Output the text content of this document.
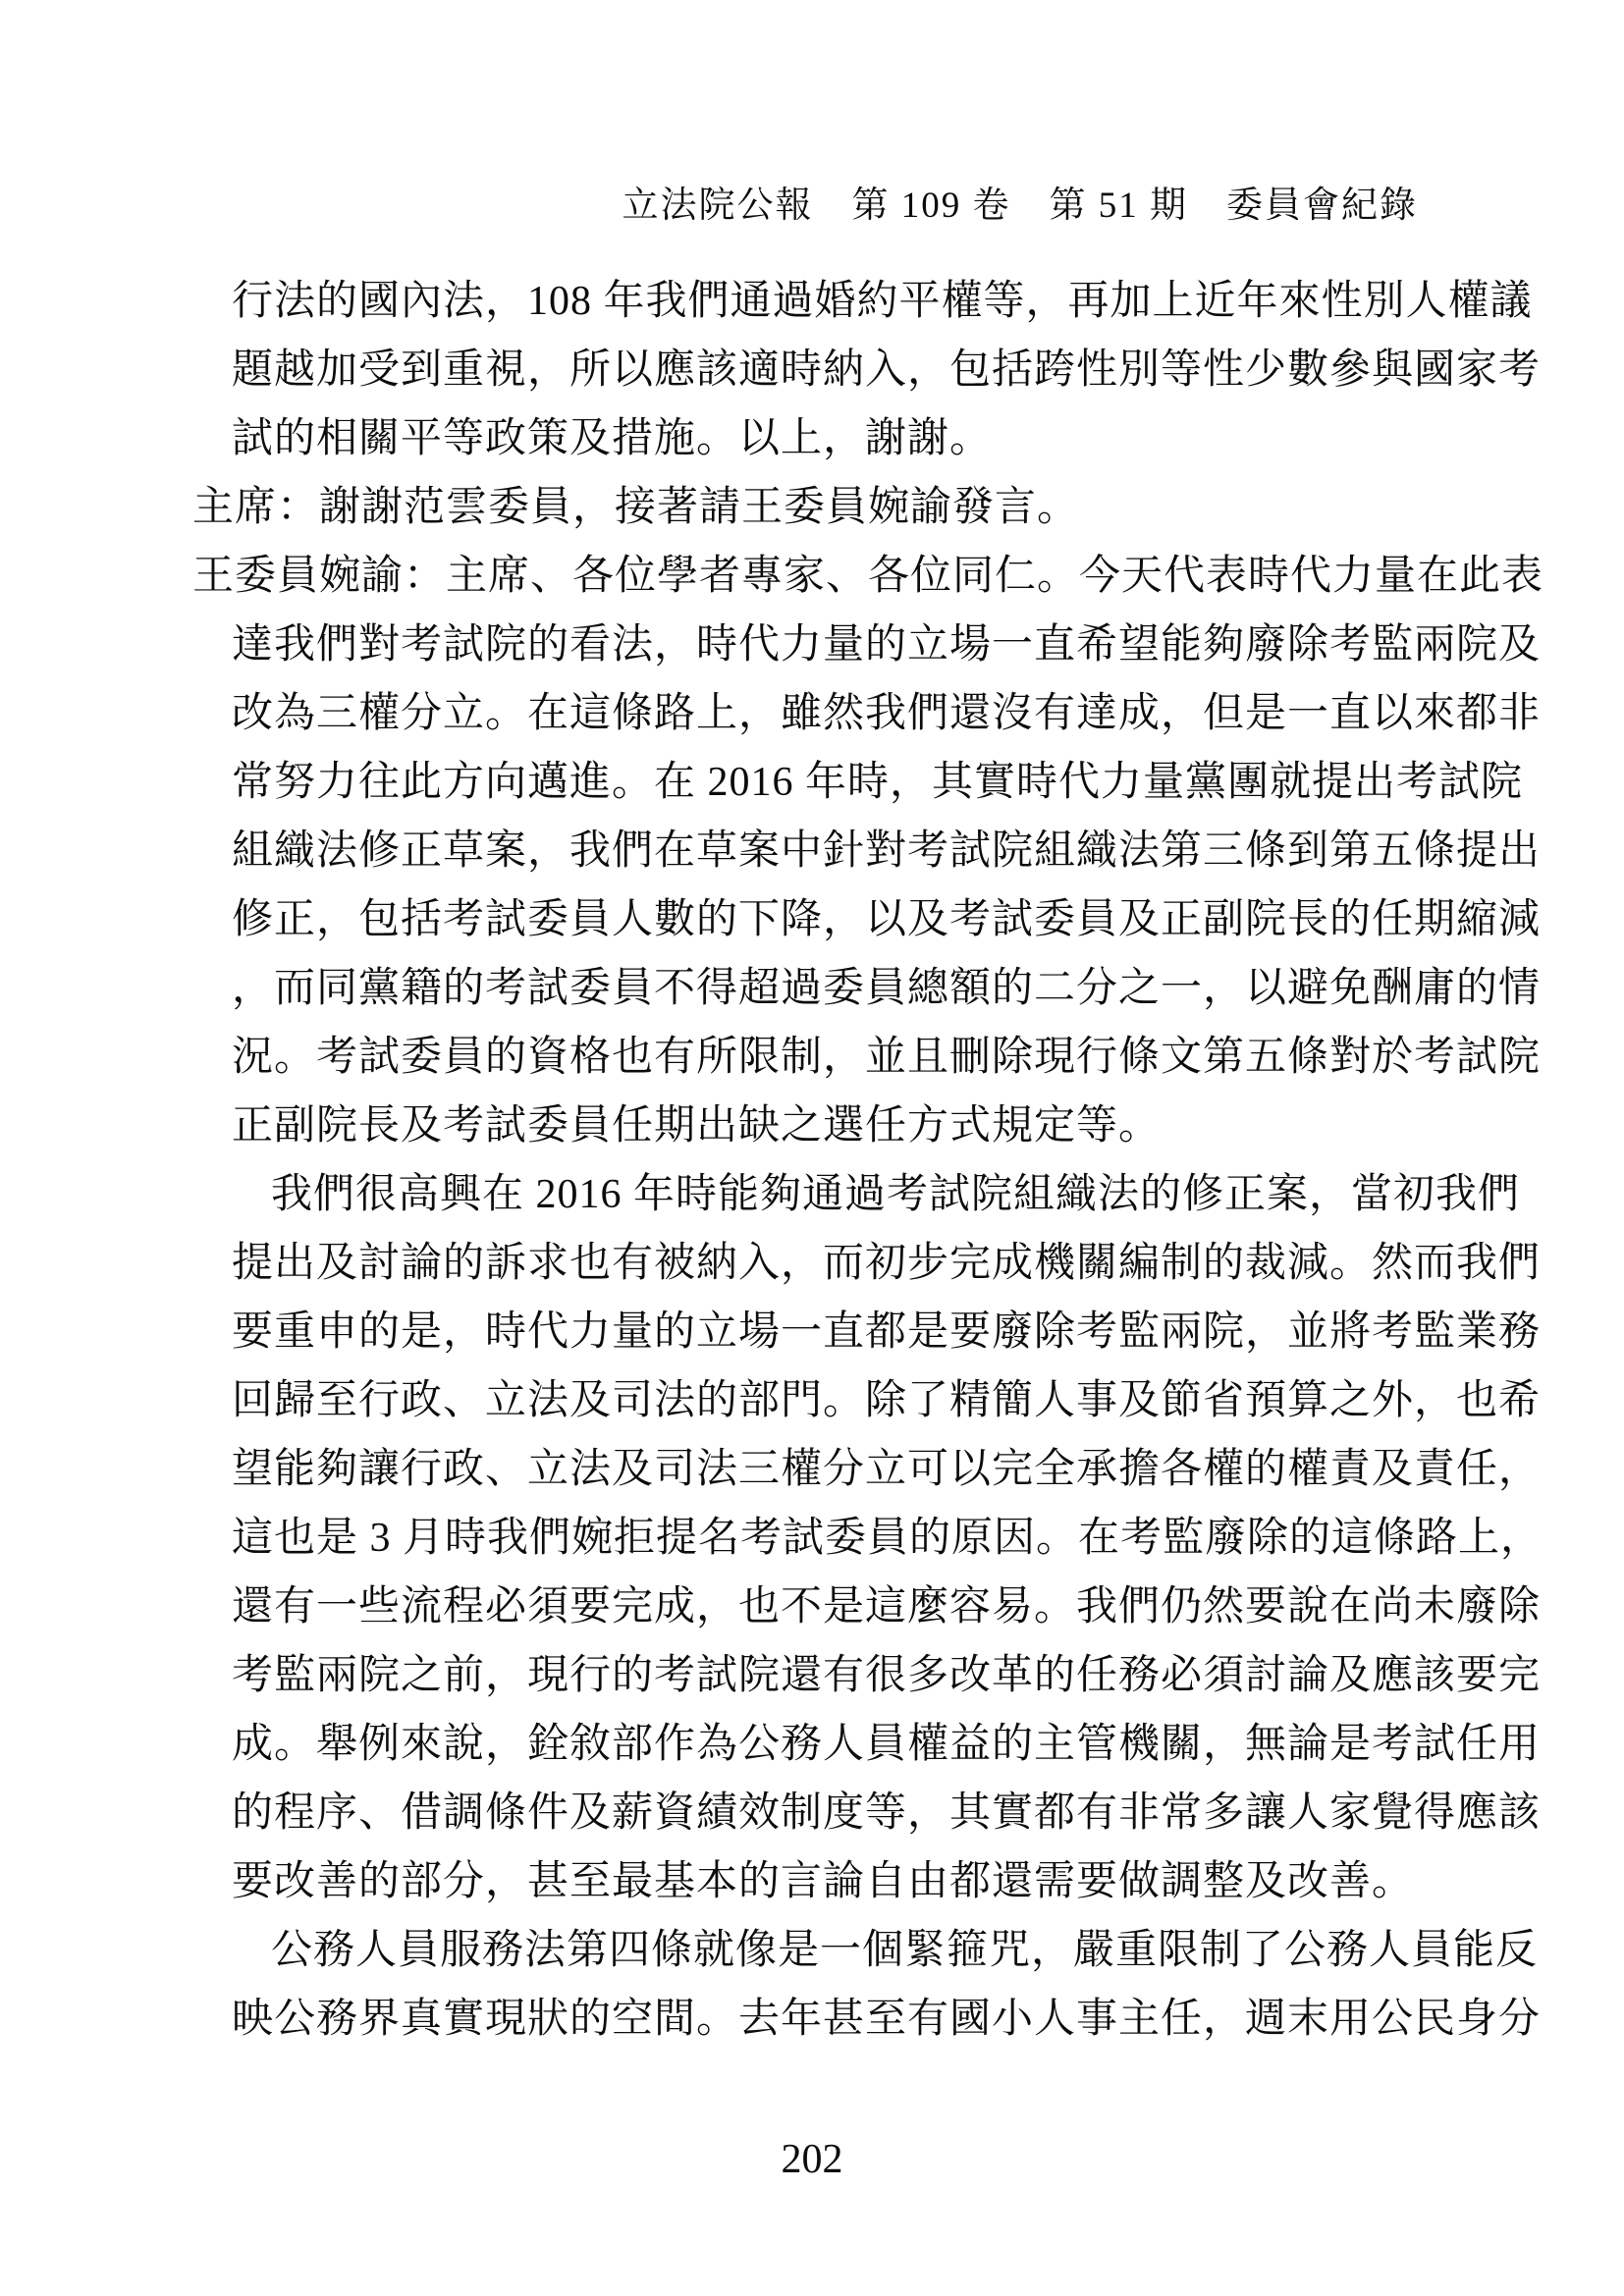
立法院公報　第 109 卷　第 51 期　委員會紀錄
行法的國內法，108 年我們通過婚約平權等，再加上近年來性別人權議
題越加受到重視，所以應該適時納入，包括跨性別等性少數參與國家考
試的相關平等政策及措施。以上，謝謝。
主席：謝謝范雲委員，接著請王委員婉諭發言。
王委員婉諭：主席、各位學者專家、各位同仁。今天代表時代力量在此表
達我們對考試院的看法，時代力量的立場一直希望能夠廢除考監兩院及
改為三權分立。在這條路上，雖然我們還沒有達成，但是一直以來都非
常努力往此方向邁進。在 2016 年時，其實時代力量黨團就提出考試院
組織法修正草案，我們在草案中針對考試院組織法第三條到第五條提出
修正，包括考試委員人數的下降，以及考試委員及正副院長的任期縮減
，而同黨籍的考試委員不得超過委員總額的二分之一，以避免酬庸的情
況。考試委員的資格也有所限制，並且刪除現行條文第五條對於考試院
正副院長及考試委員任期出缺之選任方式規定等。
我們很高興在 2016 年時能夠通過考試院組織法的修正案，當初我們
提出及討論的訴求也有被納入，而初步完成機關編制的裁減。然而我們
要重申的是，時代力量的立場一直都是要廢除考監兩院，並將考監業務
回歸至行政、立法及司法的部門。除了精簡人事及節省預算之外，也希
望能夠讓行政、立法及司法三權分立可以完全承擔各權的權責及責任，
這也是 3 月時我們婉拒提名考試委員的原因。在考監廢除的這條路上，
還有一些流程必須要完成，也不是這麼容易。我們仍然要說在尚未廢除
考監兩院之前，現行的考試院還有很多改革的任務必須討論及應該要完
成。舉例來說，銓敘部作為公務人員權益的主管機關，無論是考試任用
的程序、借調條件及薪資績效制度等，其實都有非常多讓人家覺得應該
要改善的部分，甚至最基本的言論自由都還需要做調整及改善。
公務人員服務法第四條就像是一個緊箍咒，嚴重限制了公務人員能反
映公務界真實現狀的空間。去年甚至有國小人事主任，週末用公民身分
202
